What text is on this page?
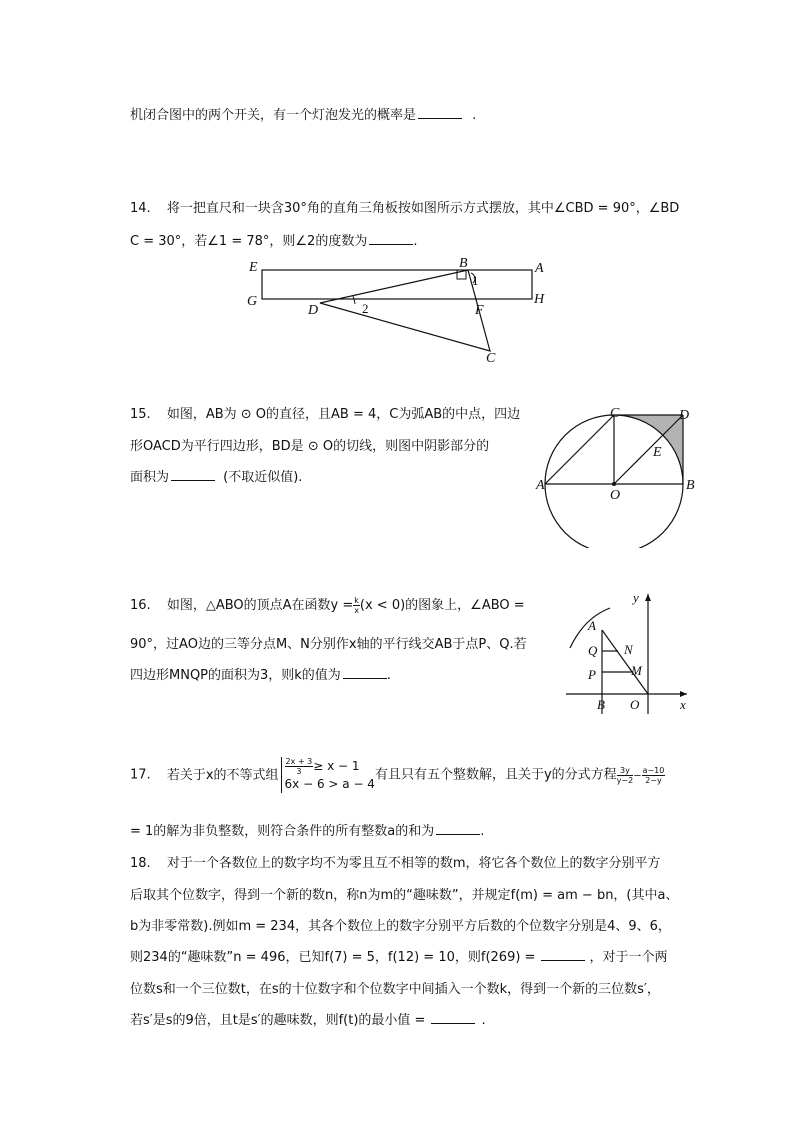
机闭合图中的两个开关，有一个灯泡发光的概率是	.
14. 将一把直尺和一块含30°角的直角三角板按如图所示方式摆放，其中∠CBD = 90°，∠BD
C = 30°，若∠1 = 78°，则∠2的度数为	.
E	A
B
G	H
D	F
C
1
2
15. 如图，AB为 ⊙ O的直径，且AB = 4，C为弧AB的中点，四边
形OACD为平行四边形，BD是 ⊙ O的切线，则图中阴影部分的
面积为	(不取近似值).
C	D
E
A
O
B
16. 如图，△ABO的顶点A在函数$y = \frac{k}{x} (x < 0)$的图象上，∠ABO =
90°，过AO边的三等分点M、N分别作x轴的平行线交AB于点P、Q.若
四边形MNQP的面积为3，则k的值为	.
A
Q
P
N
M
B O	x
y
17. 若关于x的不等式组 $\frac{2x + 3}{3} \ge x - 1$
6x − 6 > a − 4
有且只有五个整数解，且关于y的分式方程 $\frac{3y}{y-2} - \frac{a-10}{2-y}$
= 1的解为非负整数，则符合条件的所有整数a的和为	.
18. 对于一个各数位上的数字均不为零且互不相等的数m，将它各个数位上的数字分别平方
后取其个位数字，得到一个新的数n，称n为m的“趣味数”，并规定f(m) = am − bn，(其中a、
b为非零常数).例如m = 234，其各个数位上的数字分别平方后数的个位数字分别是4、9、6，
则234的“趣味数”n = 496，已知f(7) = 5，f(12) = 10，则f(269) =	，对于一个两
位数s和一个三位数t，在s的十位数字和个位数字中间插入一个数k，得到一个新的三位数s′，
若s′是s的9倍，且t是s′的趣味数，则f(t)的最小值 =	.
